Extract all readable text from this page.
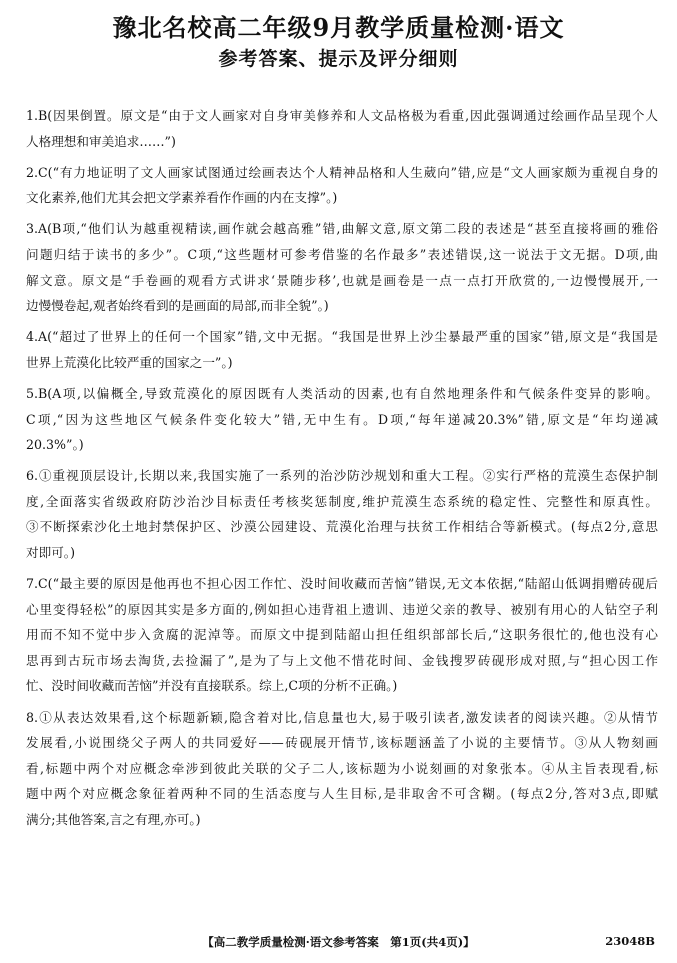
豫北名校高二年级9月教学质量检测·语文
参考答案、提示及评分细则
1.B(因果倒置。原文是“由于文人画家对自身审美修养和人文品格极为看重,因此强调通过绘画作品呈现个人
人格理想和审美追求……”)
2.C(“有力地证明了文人画家试图通过绘画表达个人精神品格和人生葳向”错,应是“文人画家颇为重视自身的
文化素养,他们尤其会把文学素养看作作画的内在支撑”。)
3.A(B项,“他们认为越重视精读,画作就会越高雅”错,曲解文意,原文第二段的表述是“甚至直接将画的雅俗
问题归结于读书的多少”。C项,“这些题材可参考借鉴的名作最多”表述错误,这一说法于文无据。D项,曲
解文意。原文是“手卷画的观看方式讲求‘景随步移’,也就是画卷是一点一点打开欣赏的,一边慢慢展开,一
边慢慢卷起,观者始终看到的是画面的局部,而非全貌”。)
4.A(“超过了世界上的任何一个国家”错,文中无据。“我国是世界上沙尘暴最严重的国家”错,原文是“我国是
世界上荒漠化比较严重的国家之一”。)
5.B(A项,以偏概全,导致荒漠化的原因既有人类活动的因素,也有自然地理条件和气候条件变异的影响。
C项,“因为这些地区气候条件变化较大”错,无中生有。D项,“每年递减20.3%”错,原文是“年均递减
20.3%”。)
6.①重视顶层设计,长期以来,我国实施了一系列的治沙防沙规划和重大工程。②实行严格的荒漠生态保护制
度,全面落实省级政府防沙治沙目标责任考核奖惩制度,维护荒漠生态系统的稳定性、完整性和原真性。
③不断探索沙化土地封禁保护区、沙漠公园建设、荒漠化治理与扶贫工作相结合等新模式。(每点2分,意思
对即可。)
7.C(“最主要的原因是他再也不担心因工作忙、没时间收藏而苦恼”错误,无文本依据,“陆韶山低调捐赠砖砚后
心里变得轻松”的原因其实是多方面的,例如担心违背祖上遗训、违逆父亲的教导、被别有用心的人钻空子利
用而不知不觉中步入贪腐的泥淖等。而原文中提到陆韶山担任组织部部长后,“这职务很忙的,他也没有心
思再到古玩市场去淘货,去捡漏了”,是为了与上文他不惜花时间、金钱搜罗砖砚形成对照,与“担心因工作
忙、没时间收藏而苦恼”并没有直接联系。综上,C项的分析不正确。)
8.①从表达效果看,这个标题新颖,隐含着对比,信息量也大,易于吸引读者,激发读者的阅读兴趣。②从情节
发展看,小说围绕父子两人的共同爱好——砖砚展开情节,该标题涵盖了小说的主要情节。③从人物刻画
看,标题中两个对应概念牵涉到彼此关联的父子二人,该标题为小说刻画的对象张本。④从主旨表现看,标
题中两个对应概念象征着两种不同的生活态度与人生目标,是非取舍不可含糊。(每点2分,答对3点,即赋
满分;其他答案,言之有理,亦可。)
【高二教学质量检测·语文参考答案　第1页(共4页)】	23048B
